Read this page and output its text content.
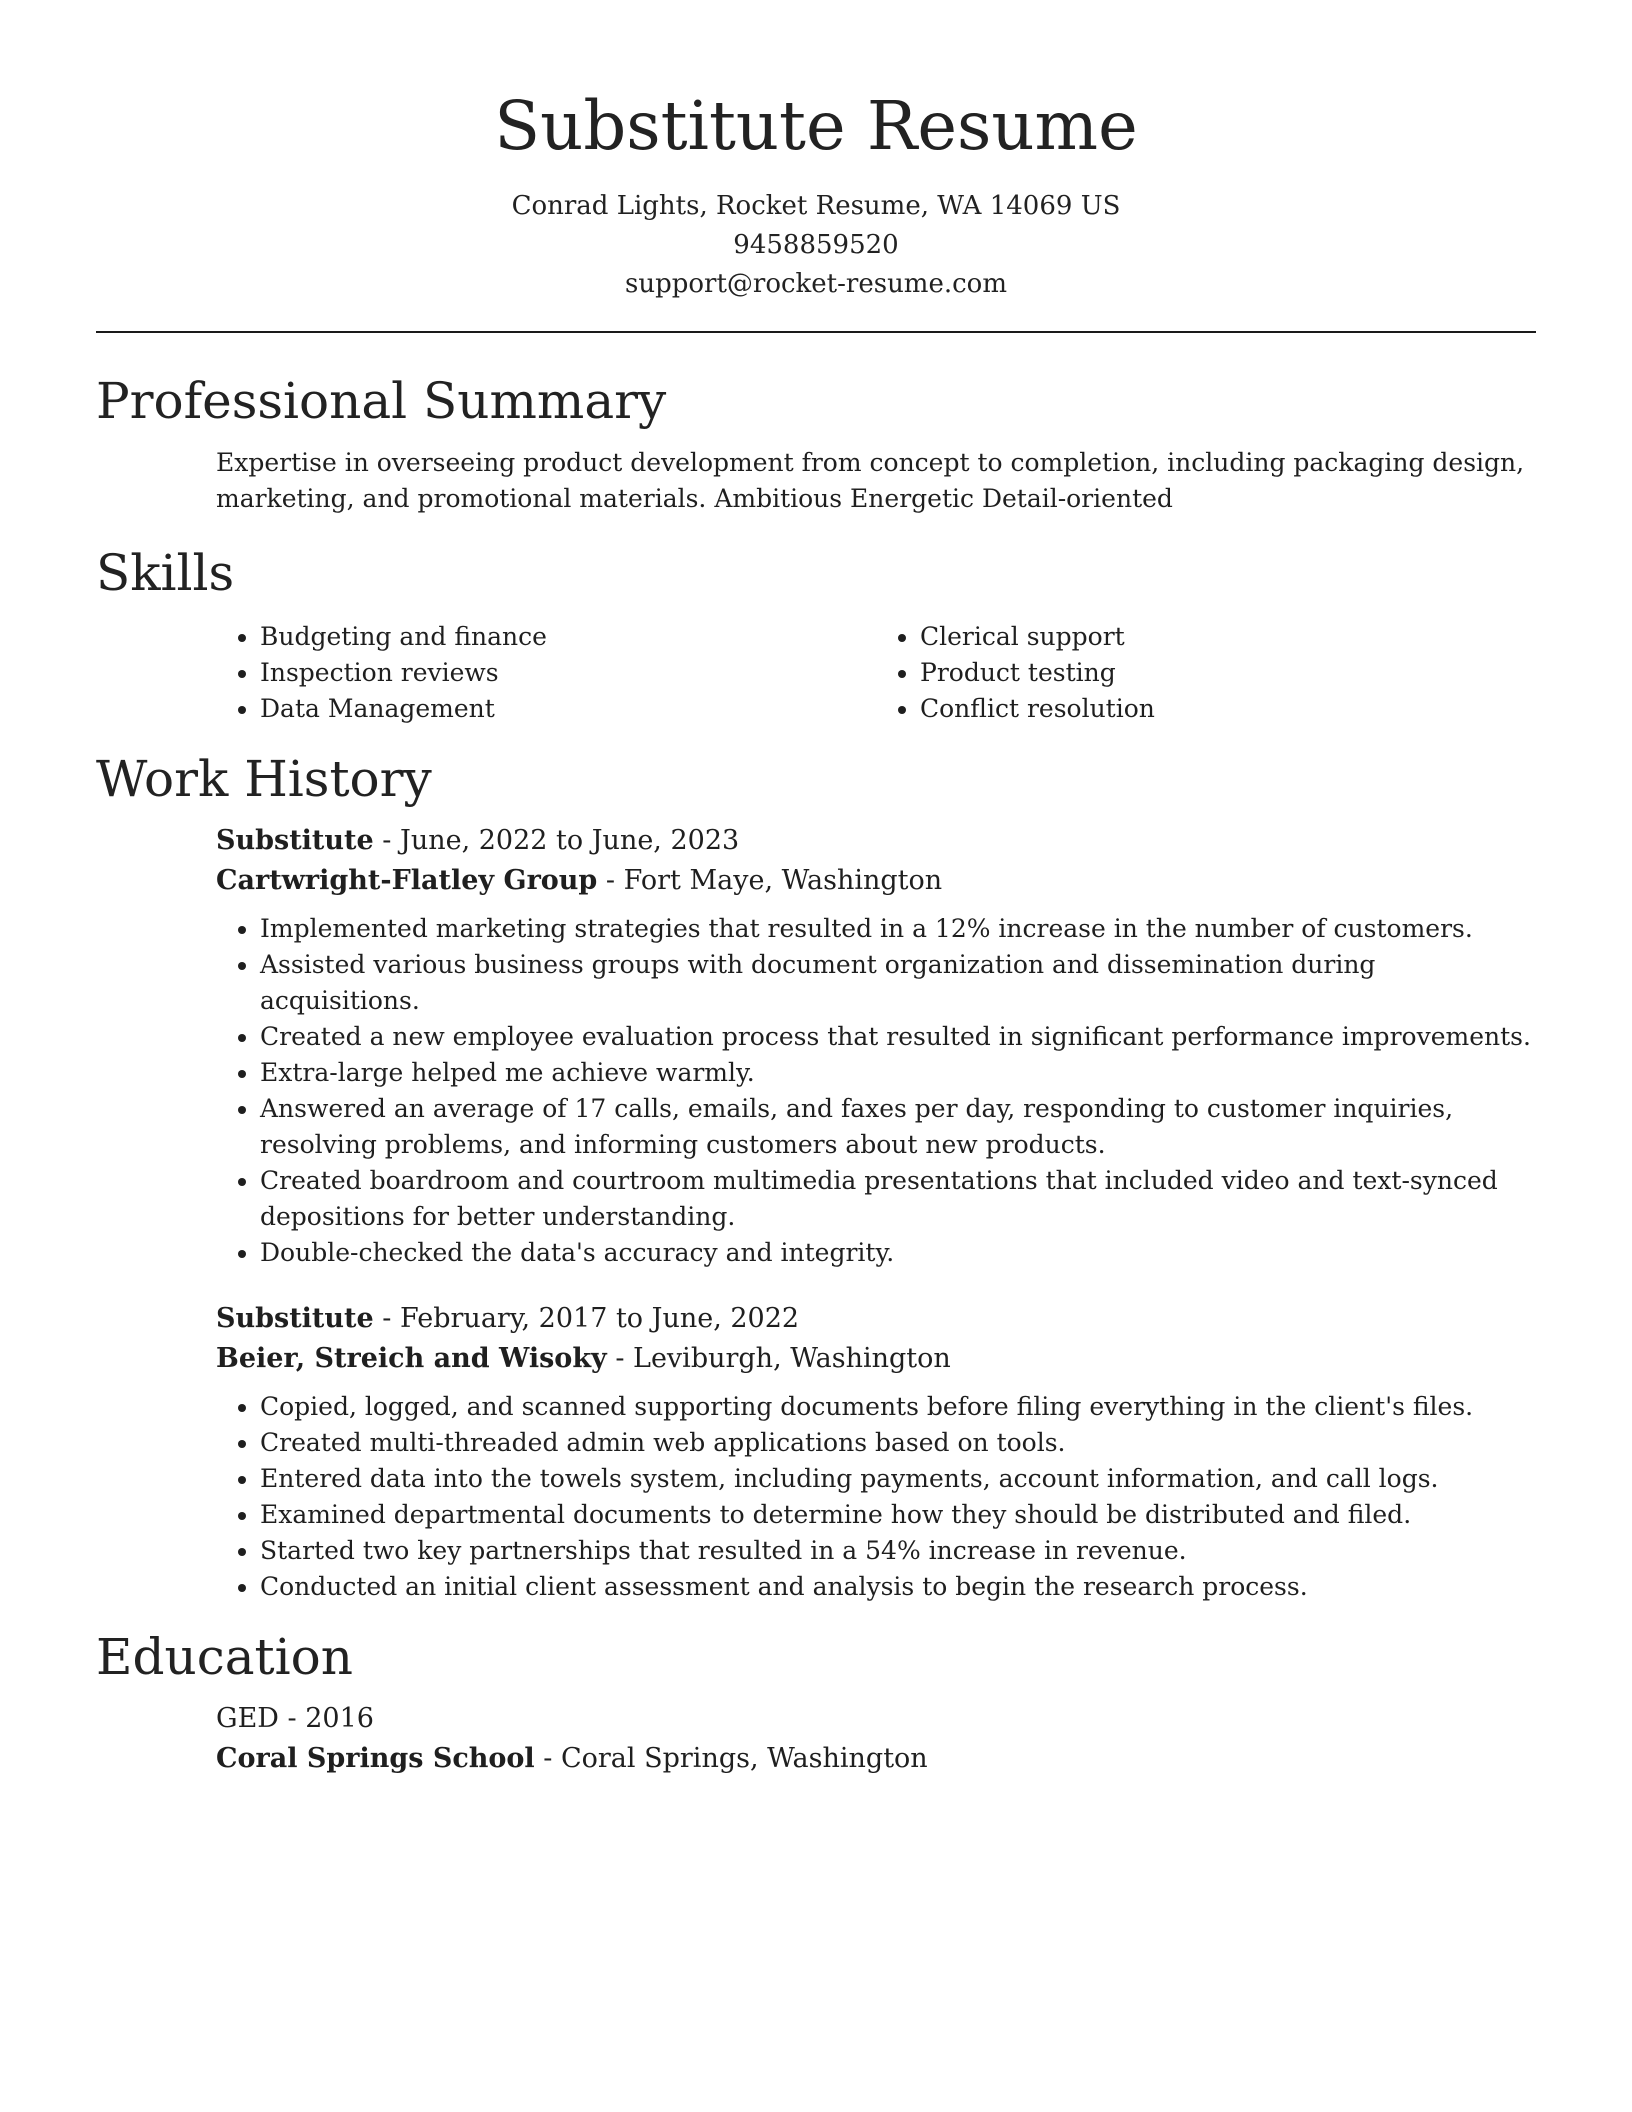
Substitute Resume
Conrad Lights, Rocket Resume, WA 14069 US
9458859520
support@rocket-resume.com
Professional Summary

Expertise in overseeing product development from concept to completion, including packaging design, marketing, and promotional materials. Ambitious Energetic Detail-oriented

Skills
• Budgeting and finance
• Inspection reviews
• Data Management
• Clerical support
• Product testing
• Conflict resolution
Work History
Substitute - June, 2022 to June, 2023
Cartwright-Flatley Group - Fort Maye, Washington
• Implemented marketing strategies that resulted in a 12% increase in the number of customers.
• Assisted various business groups with document organization and dissemination during acquisitions.
• Created a new employee evaluation process that resulted in significant performance improvements.
• Extra-large helped me achieve warmly.
• Answered an average of 17 calls, emails, and faxes per day, responding to customer inquiries, resolving problems, and informing customers about new products.
• Created boardroom and courtroom multimedia presentations that included video and text-synced depositions for better understanding.
• Double-checked the data's accuracy and integrity.
Substitute - February, 2017 to June, 2022
Beier, Streich and Wisoky - Leviburgh, Washington
• Copied, logged, and scanned supporting documents before filing everything in the client's files.
• Created multi-threaded admin web applications based on tools.
• Entered data into the towels system, including payments, account information, and call logs.
• Examined departmental documents to determine how they should be distributed and filed.
• Started two key partnerships that resulted in a 54% increase in revenue.
• Conducted an initial client assessment and analysis to begin the research process.
Education
GED - 2016
Coral Springs School - Coral Springs, Washington
